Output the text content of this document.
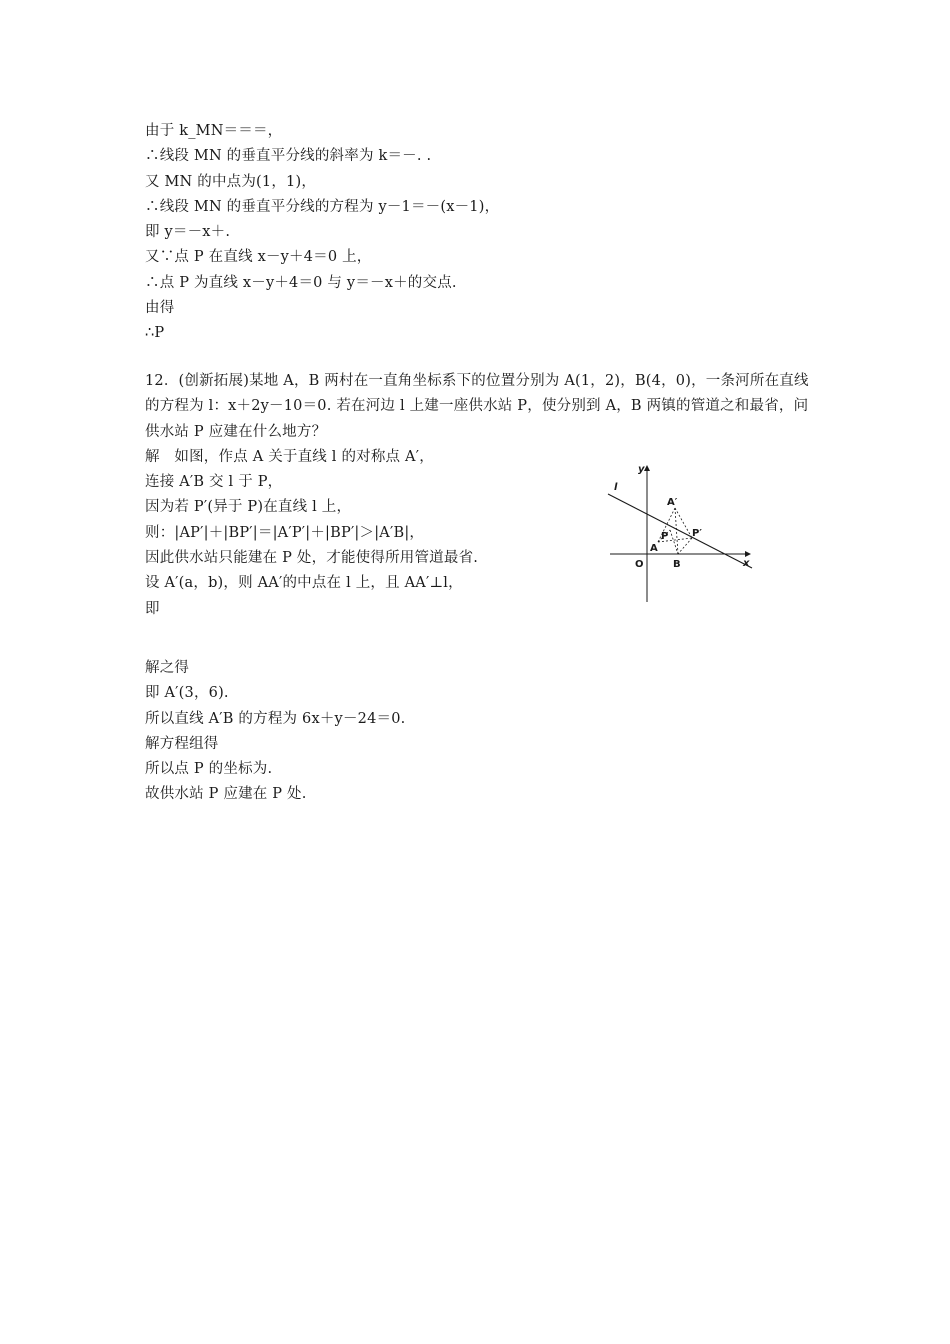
由于 k_MN＝＝＝，
∴线段 MN 的垂直平分线的斜率为 k＝－. .
又 MN 的中点为(1，1)，
∴线段 MN 的垂直平分线的方程为 y－1＝－(x－1)，
即 y＝－x＋.
又∵点 P 在直线 x－y＋4＝0 上，
∴点 P 为直线 x－y＋4＝0 与 y＝－x＋的交点.
由得
∴P
12．(创新拓展)某地 A，B 两村在一直角坐标系下的位置分别为 A(1，2)，B(4，0)，一条河所在直线的方程为 l：x＋2y－10＝0. 若在河边 l 上建一座供水站 P，使分别到 A，B 两镇的管道之和最省，问供水站 P 应建在什么地方？
解　如图，作点 A 关于直线 l 的对称点 A′，
连接 A′B 交 l 于 P，
因为若 P′(异于 P)在直线 l 上，
则：|AP′|＋|BP′|＝|A′P′|＋|BP′|＞|A′B|，
因此供水站只能建在 P 处，才能使得所用管道最省.
设 A′(a，b)，则 AA′的中点在 l 上，且 AA′⊥l，
即
解之得
即 A′(3，6).
所以直线 A′B 的方程为 6x＋y－24＝0.
解方程组得
所以点 P 的坐标为.
故供水站 P 应建在 P 处.
y
x
O
l
A′
A
P P′
B
